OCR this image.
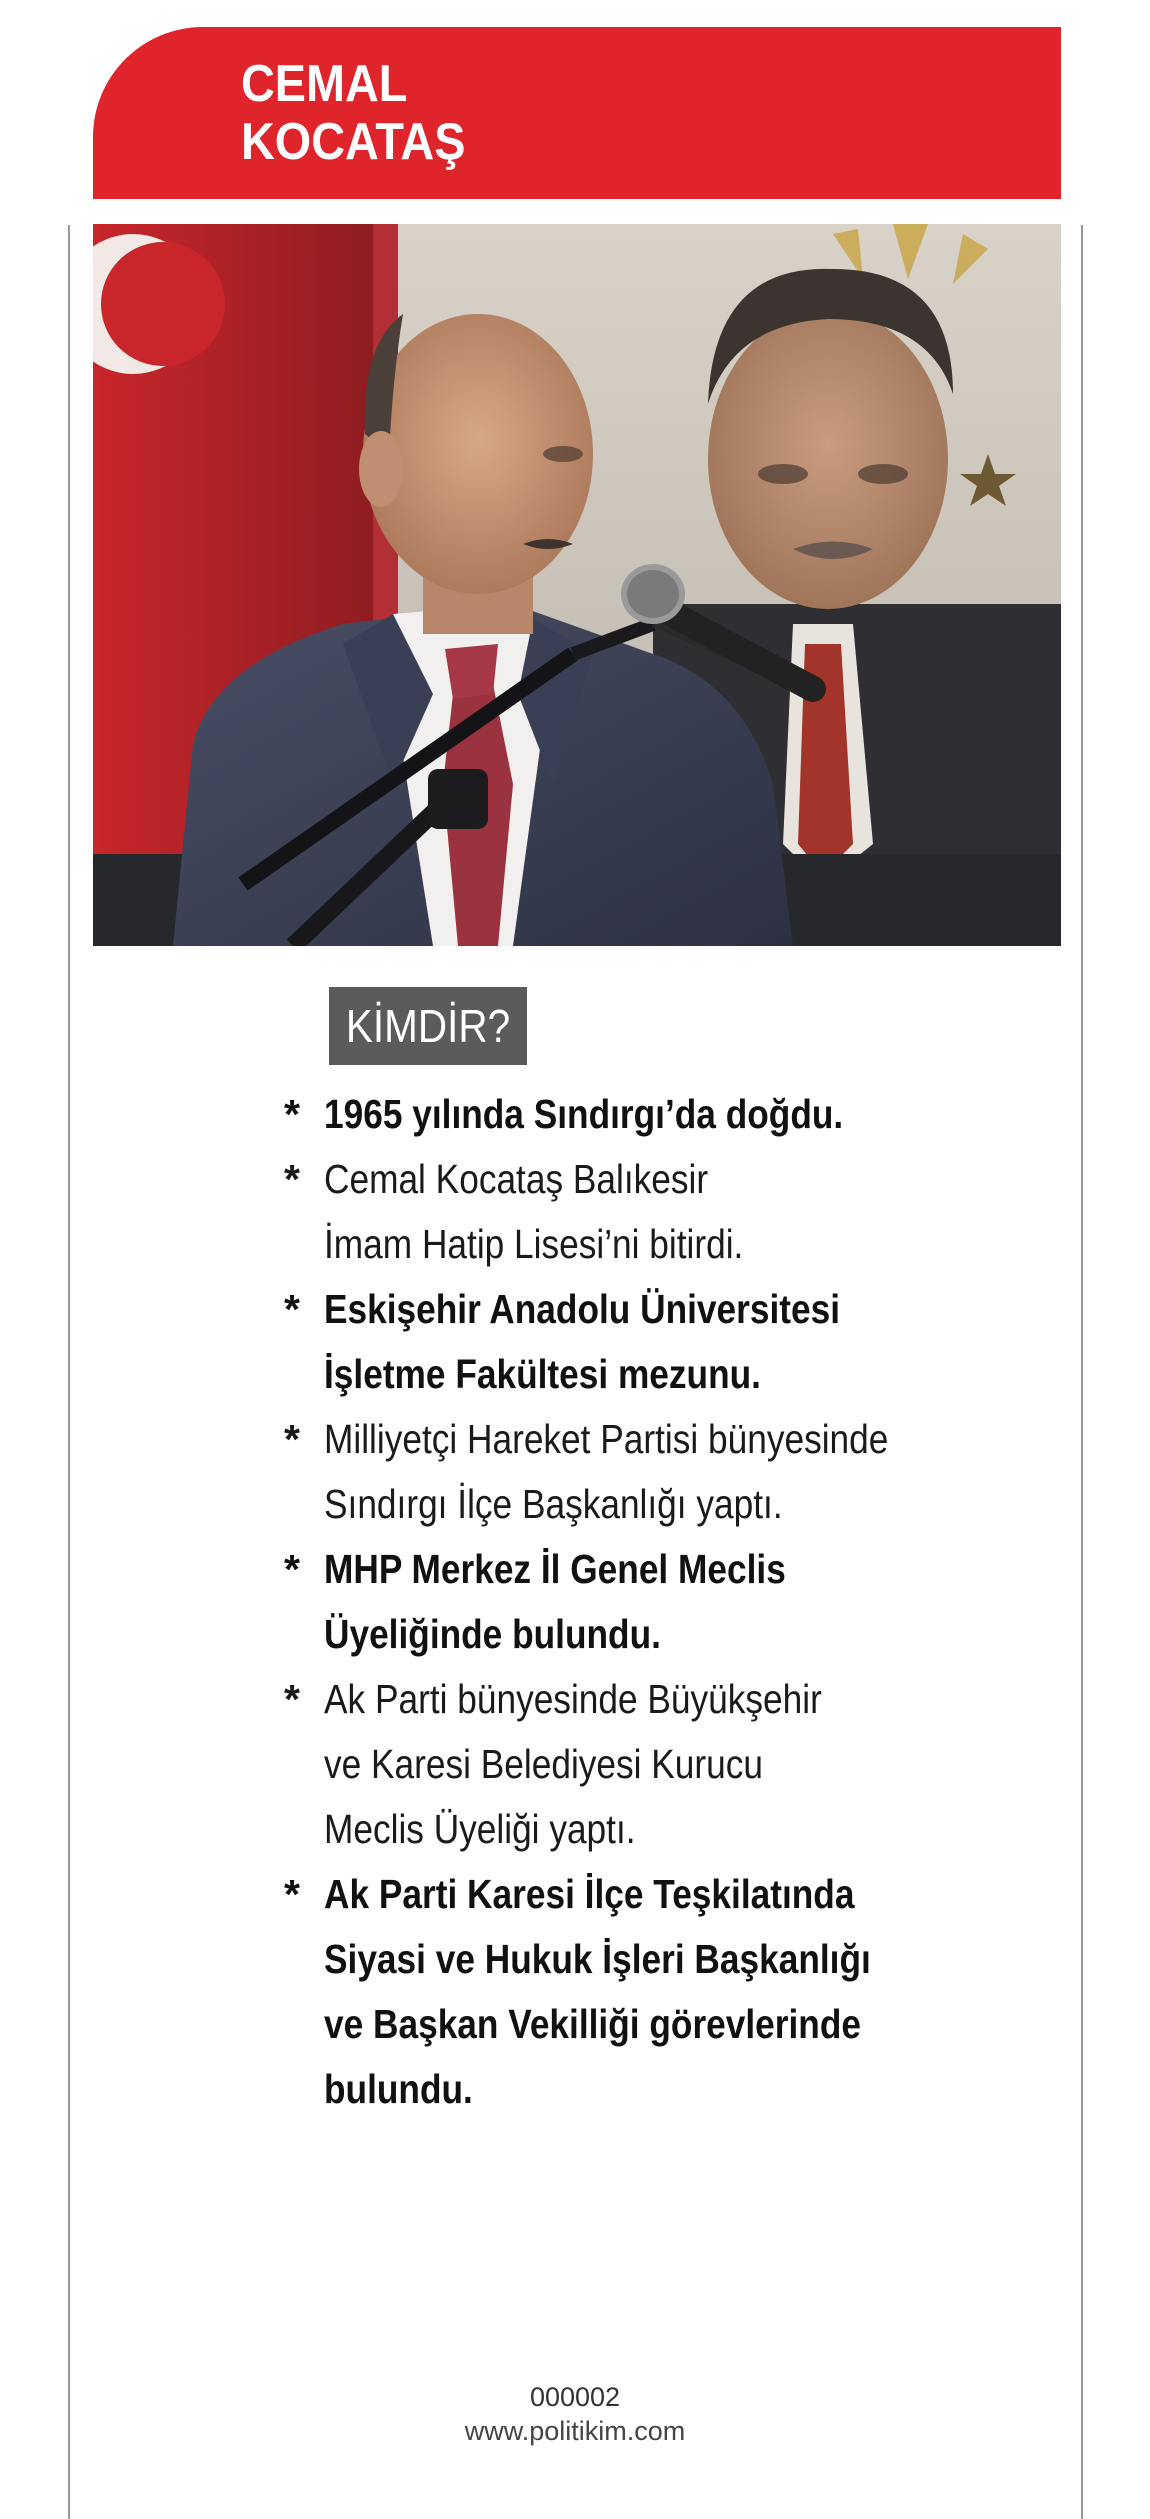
CEMAL
KOCATAŞ
KİMDİR?
* 1965 yılında Sındırgı’da doğdu.
* Cemal Kocataş Balıkesir
İmam Hatip Lisesi’ni bitirdi.
* Eskişehir Anadolu Üniversitesi
İşletme Fakültesi mezunu.
* Milliyetçi Hareket Partisi bünyesinde
Sındırgı İlçe Başkanlığı yaptı.
* MHP Merkez İl Genel Meclis
Üyeliğinde bulundu.
* Ak Parti bünyesinde Büyükşehir
ve Karesi Belediyesi Kurucu
Meclis Üyeliği yaptı.
* Ak Parti Karesi İlçe Teşkilatında
Siyasi ve Hukuk İşleri Başkanlığı
ve Başkan Vekilliği görevlerinde
bulundu.
000002
www.politikim.com
